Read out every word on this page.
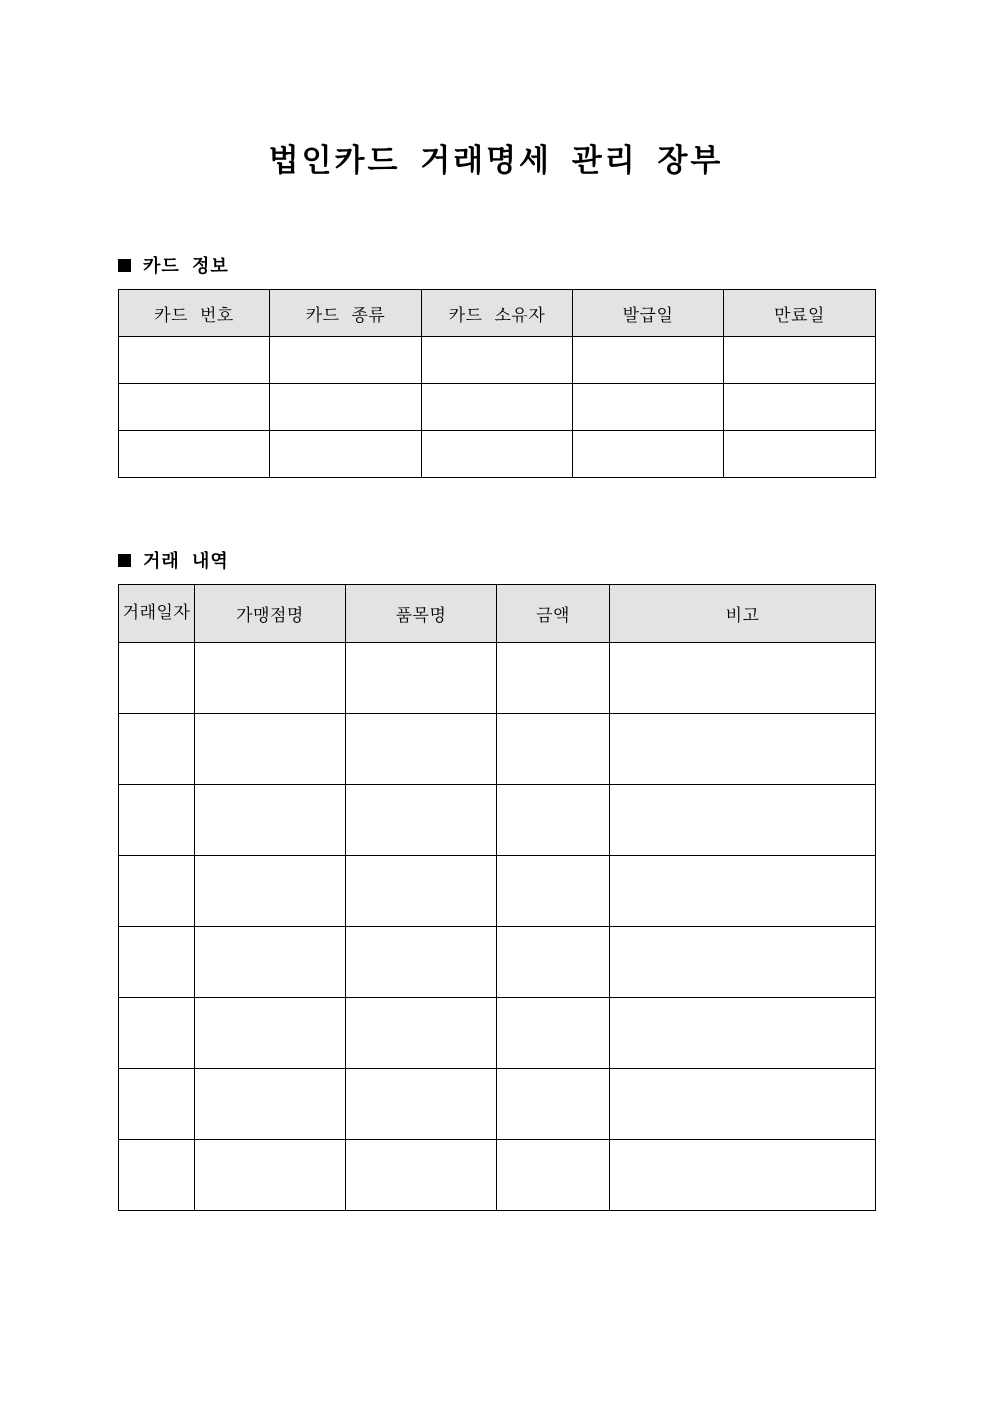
법인카드 거래명세 관리 장부
카드 정보
카드 번호	카드 종류	카드 소유자	발급일	만료일

거래 내역
거래일자	가맹점명	품목명	금액	비고
